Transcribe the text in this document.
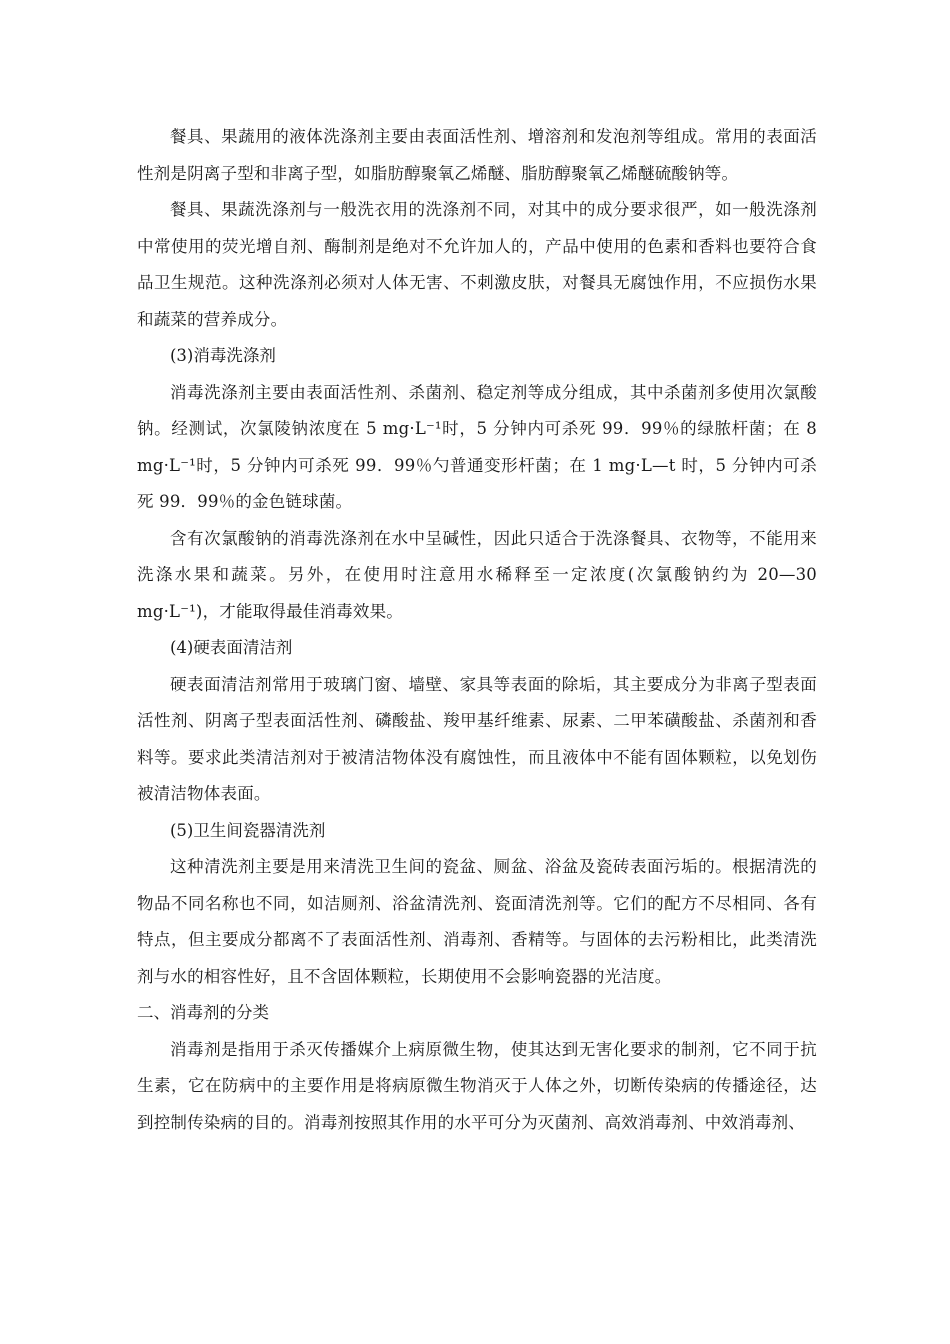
餐具、果蔬用的液体洗涤剂主要由表面活性剂、增溶剂和发泡剂等组成。常用的表面活性剂是阴离子型和非离子型，如脂肪醇聚氧乙烯醚、脂肪醇聚氧乙烯醚硫酸钠等。

餐具、果蔬洗涤剂与一般洗衣用的洗涤剂不同，对其中的成分要求很严，如一般洗涤剂中常使用的荧光增自剂、酶制剂是绝对不允许加人的，产品中使用的色素和香料也要符合食品卫生规范。这种洗涤剂必须对人体无害、不刺激皮肤，对餐具无腐蚀作用，不应损伤水果和蔬菜的营养成分。

(3)消毒洗涤剂

消毒洗涤剂主要由表面活性剂、杀菌剂、稳定剂等成分组成，其中杀菌剂多使用次氯酸钠。经测试，次氯陵钠浓度在 5 mg·L⁻¹时，5 分钟内可杀死 99．99％的绿脓杆菌；在 8 mg·L⁻¹时，5 分钟内可杀死 99．99％勺普通变形杆菌；在 1 mg·L—t 时，5 分钟内可杀死 99．99％的金色链球菌。

含有次氯酸钠的消毒洗涤剂在水中呈碱性，因此只适合于洗涤餐具、衣物等，不能用来洗涤水果和蔬菜。另外，在使用时注意用水稀释至一定浓度(次氯酸钠约为 20—30 mg·L⁻¹)，才能取得最佳消毒效果。

(4)硬表面清洁剂

硬表面清洁剂常用于玻璃门窗、墙壁、家具等表面的除垢，其主要成分为非离子型表面活性剂、阴离子型表面活性剂、磷酸盐、羧甲基纤维素、尿素、二甲苯磺酸盐、杀菌剂和香料等。要求此类清洁剂对于被清洁物体没有腐蚀性，而且液体中不能有固体颗粒，以免划伤被清洁物体表面。

(5)卫生间瓷器清洗剂

这种清洗剂主要是用来清洗卫生间的瓷盆、厕盆、浴盆及瓷砖表面污垢的。根据清洗的物品不同名称也不同，如洁厕剂、浴盆清洗剂、瓷面清洗剂等。它们的配方不尽相同、各有特点，但主要成分都离不了表面活性剂、消毒剂、香精等。与固体的去污粉相比，此类清洗剂与水的相容性好，且不含固体颗粒，长期使用不会影响瓷器的光洁度。

二、消毒剂的分类

消毒剂是指用于杀灭传播媒介上病原微生物，使其达到无害化要求的制剂，它不同于抗生素，它在防病中的主要作用是将病原微生物消灭于人体之外，切断传染病的传播途径，达到控制传染病的目的。消毒剂按照其作用的水平可分为灭菌剂、高效消毒剂、中效消毒剂、
